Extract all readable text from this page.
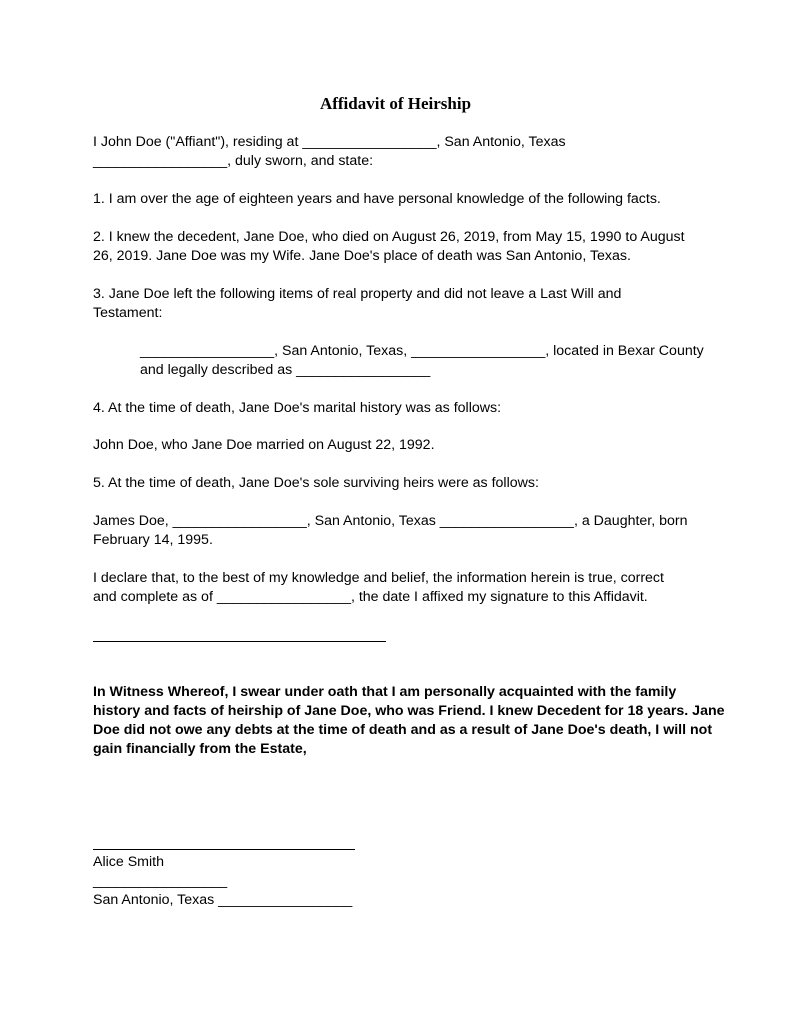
Affidavit of Heirship

I John Doe ("Affiant"), residing at _________________, San Antonio, Texas
_________________, duly sworn, and state:

1. I am over the age of eighteen years and have personal knowledge of the following facts.

2. I knew the decedent, Jane Doe, who died on August 26, 2019, from May 15, 1990 to August
26, 2019. Jane Doe was my Wife. Jane Doe's place of death was San Antonio, Texas.

3. Jane Doe left the following items of real property and did not leave a Last Will and
Testament:

_________________, San Antonio, Texas, _________________, located in Bexar County
and legally described as _________________

4. At the time of death, Jane Doe's marital history was as follows:

John Doe, who Jane Doe married on August 22, 1992.

5. At the time of death, Jane Doe's sole surviving heirs were as follows:

James Doe, _________________, San Antonio, Texas _________________, a Daughter, born
February 14, 1995.

I declare that, to the best of my knowledge and belief, the information herein is true, correct
and complete as of _________________, the date I affixed my signature to this Affidavit.

In Witness Whereof, I swear under oath that I am personally acquainted with the family
history and facts of heirship of Jane Doe, who was Friend. I knew Decedent for 18 years. Jane
Doe did not owe any debts at the time of death and as a result of Jane Doe's death, I will not
gain financially from the Estate,

Alice Smith

_________________
San Antonio, Texas _________________
